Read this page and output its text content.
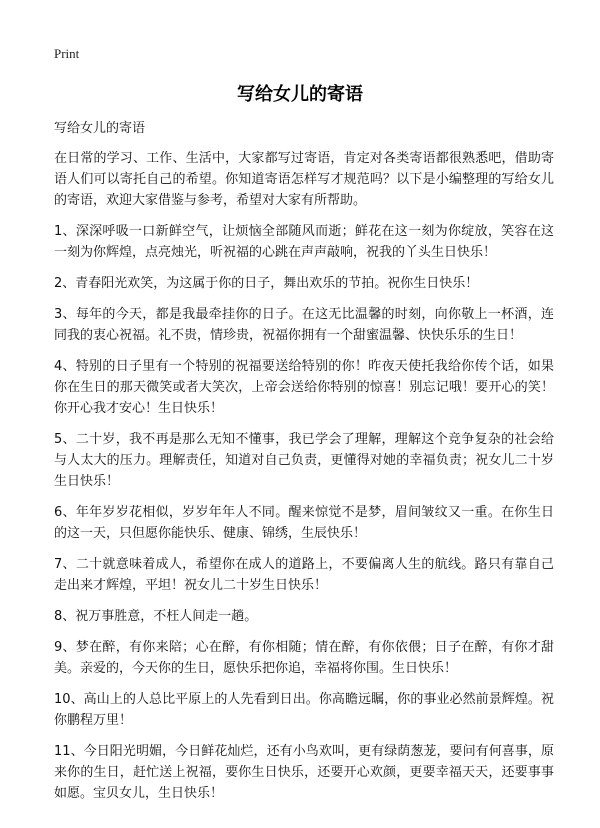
Print
写给女儿的寄语

写给女儿的寄语

在日常的学习、工作、生活中，大家都写过寄语，肯定对各类寄语都很熟悉吧，借助寄语人们可以寄托自己的希望。你知道寄语怎样写才规范吗？以下是小编整理的写给女儿的寄语，欢迎大家借鉴与参考，希望对大家有所帮助。

1、深深呼吸一口新鲜空气，让烦恼全部随风而逝；鲜花在这一刻为你绽放，笑容在这一刻为你辉煌，点亮烛光，听祝福的心跳在声声敲响，祝我的丫头生日快乐！

2、青春阳光欢笑，为这属于你的日子，舞出欢乐的节拍。祝你生日快乐！

3、每年的今天，都是我最牵挂你的日子。在这无比温馨的时刻，向你敬上一杯酒，连同我的衷心祝福。礼不贵，情珍贵，祝福你拥有一个甜蜜温馨、快快乐乐的生日！

4、特别的日子里有一个特别的祝福要送给特别的你！昨夜天使托我给你传个话，如果你在生日的那天微笑或者大笑次，上帝会送给你特别的惊喜！别忘记哦！要开心的笑！你开心我才安心！生日快乐！

5、二十岁，我不再是那么无知不懂事，我已学会了理解，理解这个竞争复杂的社会给与人太大的压力。理解责任，知道对自己负责，更懂得对她的幸福负责；祝女儿二十岁生日快乐！

6、年年岁岁花相似，岁岁年年人不同。醒来惊觉不是梦，眉间皱纹又一重。在你生日的这一天，只但愿你能快乐、健康、锦绣，生辰快乐！

7、二十就意味着成人，希望你在成人的道路上，不要偏离人生的航线。路只有靠自己走出来才辉煌，平坦！祝女儿二十岁生日快乐！

8、祝万事胜意，不枉人间走一趟。

9、梦在醉，有你来陪；心在醉，有你相随；情在醉，有你依偎；日子在醉，有你才甜美。亲爱的，今天你的生日，愿快乐把你追，幸福将你围。生日快乐！

10、高山上的人总比平原上的人先看到日出。你高瞻远瞩，你的事业必然前景辉煌。祝你鹏程万里！

11、今日阳光明媚，今日鲜花灿烂，还有小鸟欢叫，更有绿荫葱茏，要问有何喜事，原来你的生日，赶忙送上祝福，要你生日快乐，还要开心欢颜，更要幸福天天，还要事事如愿。宝贝女儿，生日快乐！
